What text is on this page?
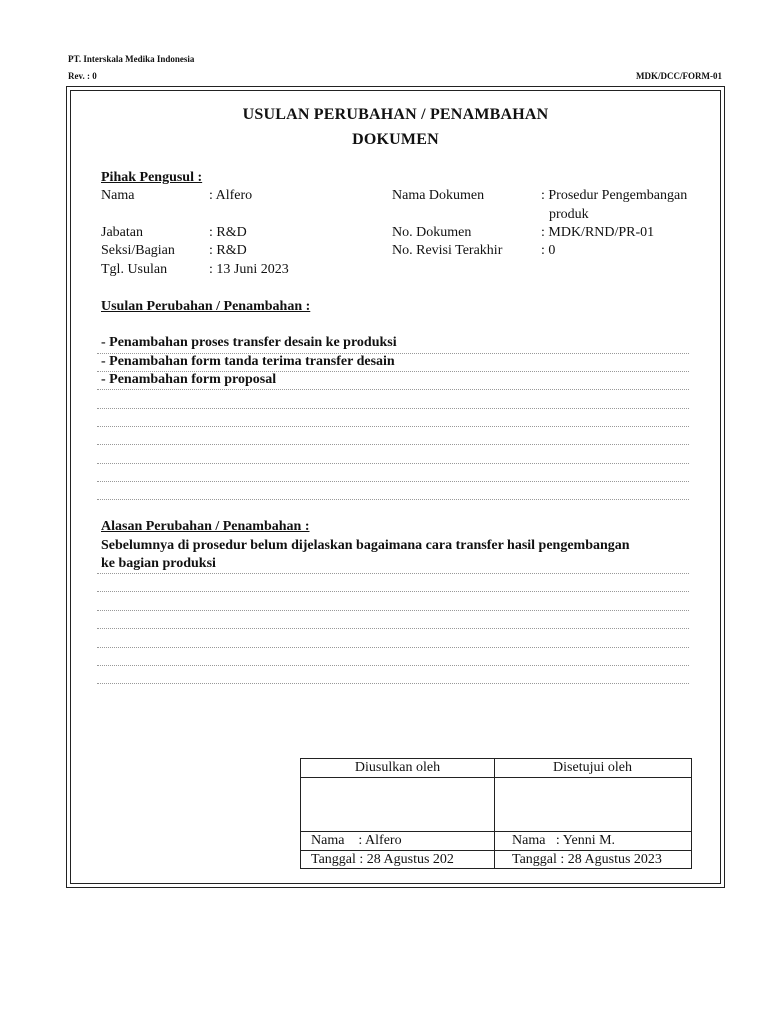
PT. Interskala Medika Indonesia
Rev. : 0	MDK/DCC/FORM-01
USULAN PERUBAHAN / PENAMBAHAN
DOKUMEN
Pihak Pengusul :
Nama	: Alfero	Nama Dokumen	: Prosedur Pengembangan
produk
Jabatan	: R&D	No. Dokumen	: MDK/RND/PR-01
Seksi/Bagian : R&D	No. Revisi Terakhir	: 0
Tgl. Usulan	: 13 Juni 2023
Usulan Perubahan / Penambahan :
- Penambahan proses transfer desain ke produksi
- Penambahan form tanda terima transfer desain
- Penambahan form proposal
Alasan Perubahan / Penambahan :
Sebelumnya di prosedur belum dijelaskan bagaimana cara transfer hasil pengembangan
ke bagian produksi
Diusulkan oleh	Disetujui oleh
Nama    : Alfero	Nama   : Yenni M.
Tanggal : 28 Agustus 202	Tanggal : 28 Agustus 2023
